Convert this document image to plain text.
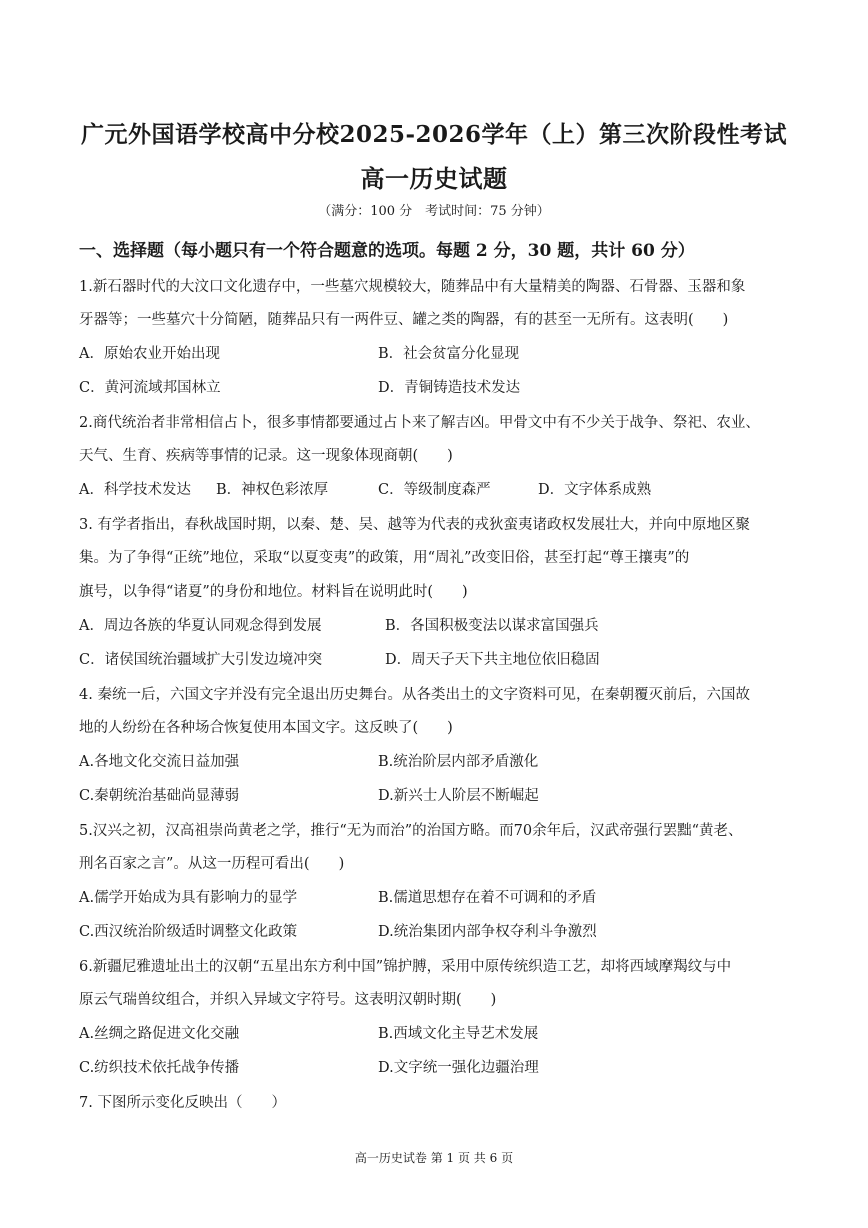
广元外国语学校高中分校2025-2026学年（上）第三次阶段性考试
高一历史试题
（满分：100 分　考试时间：75 分钟）
一、选择题（每小题只有一个符合题意的选项。每题 2 分，30 题，共计 60 分）
1.新石器时代的大汶口文化遗存中，一些墓穴规模较大，随葬品中有大量精美的陶器、石骨器、玉器和象
牙器等；一些墓穴十分简陋，随葬品只有一两件豆、罐之类的陶器，有的甚至一无所有。这表明(　　)
A．原始农业开始出现	B．社会贫富分化显现
C．黄河流域邦国林立	D．青铜铸造技术发达
2.商代统治者非常相信占卜，很多事情都要通过占卜来了解吉凶。甲骨文中有不少关于战争、祭祀、农业、
天气、生育、疾病等事情的记录。这一现象体现商朝(　　)
A．科学技术发达 B．神权色彩浓厚	C．等级制度森严	D．文字体系成熟
3. 有学者指出，春秋战国时期，以秦、楚、吴、越等为代表的戎狄蛮夷诸政权发展壮大，并向中原地区聚
集。为了争得“正统”地位，采取“以夏变夷”的政策，用“周礼”改变旧俗，甚至打起“尊王攘夷”的
旗号，以争得“诸夏”的身份和地位。材料旨在说明此时(　　)
A．周边各族的华夏认同观念得到发展	B．各国积极变法以谋求富国强兵
C．诸侯国统治疆域扩大引发边境冲突	D．周天子天下共主地位依旧稳固
4. 秦统一后，六国文字并没有完全退出历史舞台。从各类出土的文字资料可见，在秦朝覆灭前后，六国故
地的人纷纷在各种场合恢复使用本国文字。这反映了(　　)
A.各地文化交流日益加强	B.统治阶层内部矛盾激化
C.秦朝统治基础尚显薄弱	D.新兴士人阶层不断崛起
5.汉兴之初，汉高祖崇尚黄老之学，推行“无为而治”的治国方略。而70余年后，汉武帝强行罢黜“黄老、
刑名百家之言”。从这一历程可看出(　　)
A.儒学开始成为具有影响力的显学	B.儒道思想存在着不可调和的矛盾
C.西汉统治阶级适时调整文化政策	D.统治集团内部争权夺利斗争激烈
6.新疆尼雅遗址出土的汉朝“五星出东方利中国”锦护膊，采用中原传统织造工艺，却将西域摩羯纹与中
原云气瑞兽纹组合，并织入异域文字符号。这表明汉朝时期(　　)
A.丝绸之路促进文化交融	B.西域文化主导艺术发展
C.纺织技术依托战争传播	D.文字统一强化边疆治理
7. 下图所示变化反映出（　　）
高一历史试卷 第 1 页 共 6 页
